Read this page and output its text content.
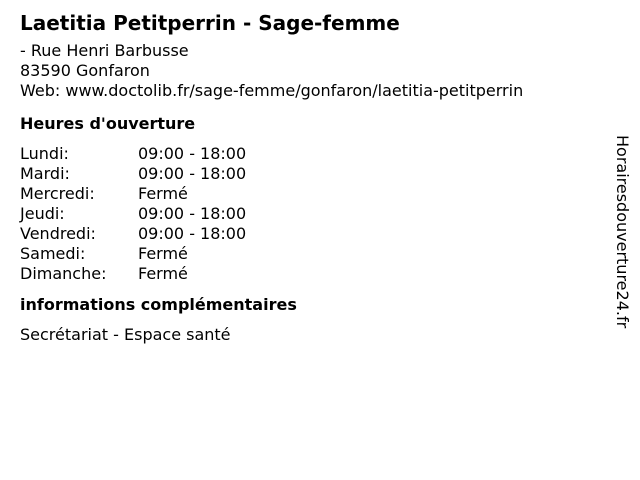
Laetitia Petitperrin - Sage-femme
- Rue Henri Barbusse
83590 Gonfaron
Web: www.doctolib.fr/sage-femme/gonfaron/laetitia-petitperrin
Heures d'ouverture
Lundi:	09:00 - 18:00
Mardi:	09:00 - 18:00
Mercredi:	Fermé
Jeudi:	09:00 - 18:00
Vendredi:	09:00 - 18:00
Samedi:	Fermé
Dimanche:	Fermé
informations complémentaires
Secrétariat - Espace santé
Horairesdouverture24.fr
